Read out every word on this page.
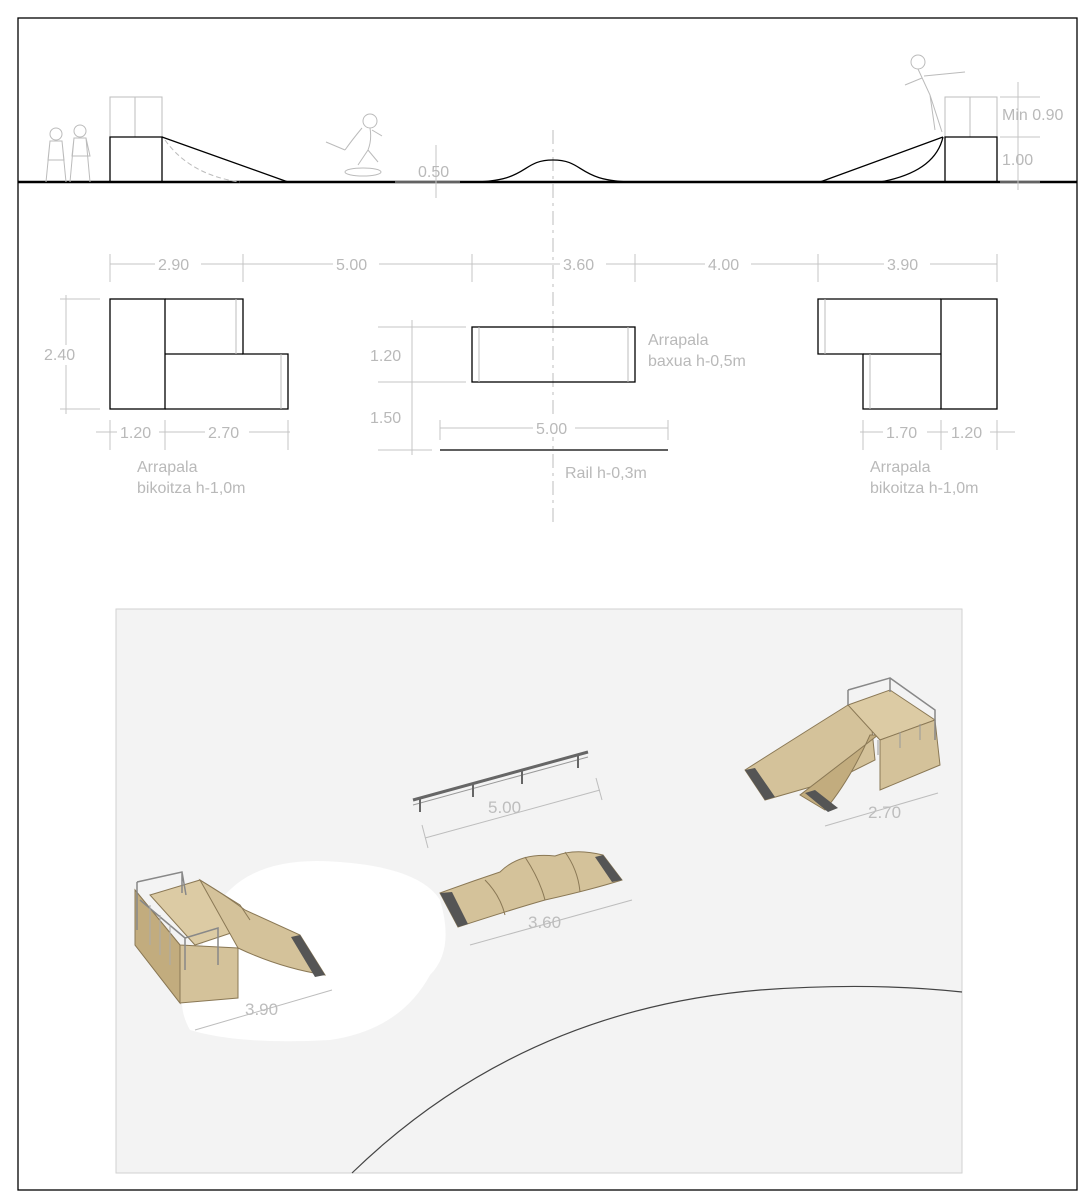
0.50
Min 0.90
1.00
2.90	5.00	3.60	4.00	3.90
2.40
1.20	2.70
Arrapala
bikoitza h-1,0m
1.20
1.50
Arrapala
baxua h-0,5m
5.00
Rail h-0,3m
1.70 1.20
Arrapala
bikoitza h-1,0m
5.00
3.60
3.90
2.70
